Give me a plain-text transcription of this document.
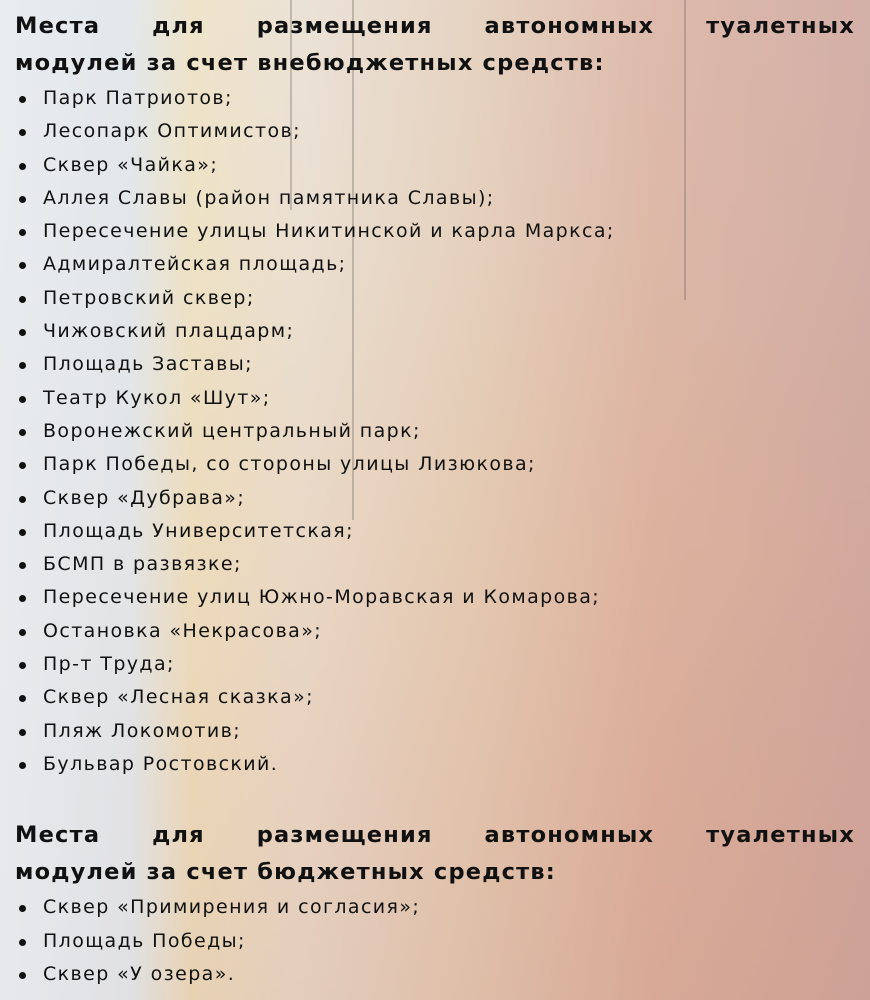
Места для размещения автономных туалетных
модулей за счет внебюджетных средств:
Парк Патриотов;
Лесопарк Оптимистов;
Сквер «Чайка»;
Аллея Славы (район памятника Славы);
Пересечение улицы Никитинской и карла Маркса;
Адмиралтейская площадь;
Петровский сквер;
Чижовский плацдарм;
Площадь Заставы;
Театр Кукол «Шут»;
Воронежский центральный парк;
Парк Победы, со стороны улицы Лизюкова;
Сквер «Дубрава»;
Площадь Университетская;
БСМП в развязке;
Пересечение улиц Южно-Моравская и Комарова;
Остановка «Некрасова»;
Пр-т Труда;
Сквер «Лесная сказка»;
Пляж Локомотив;
Бульвар Ростовский.
Места для размещения автономных туалетных
модулей за счет бюджетных средств:
Сквер «Примирения и согласия»;
Площадь Победы;
Сквер «У озера».
